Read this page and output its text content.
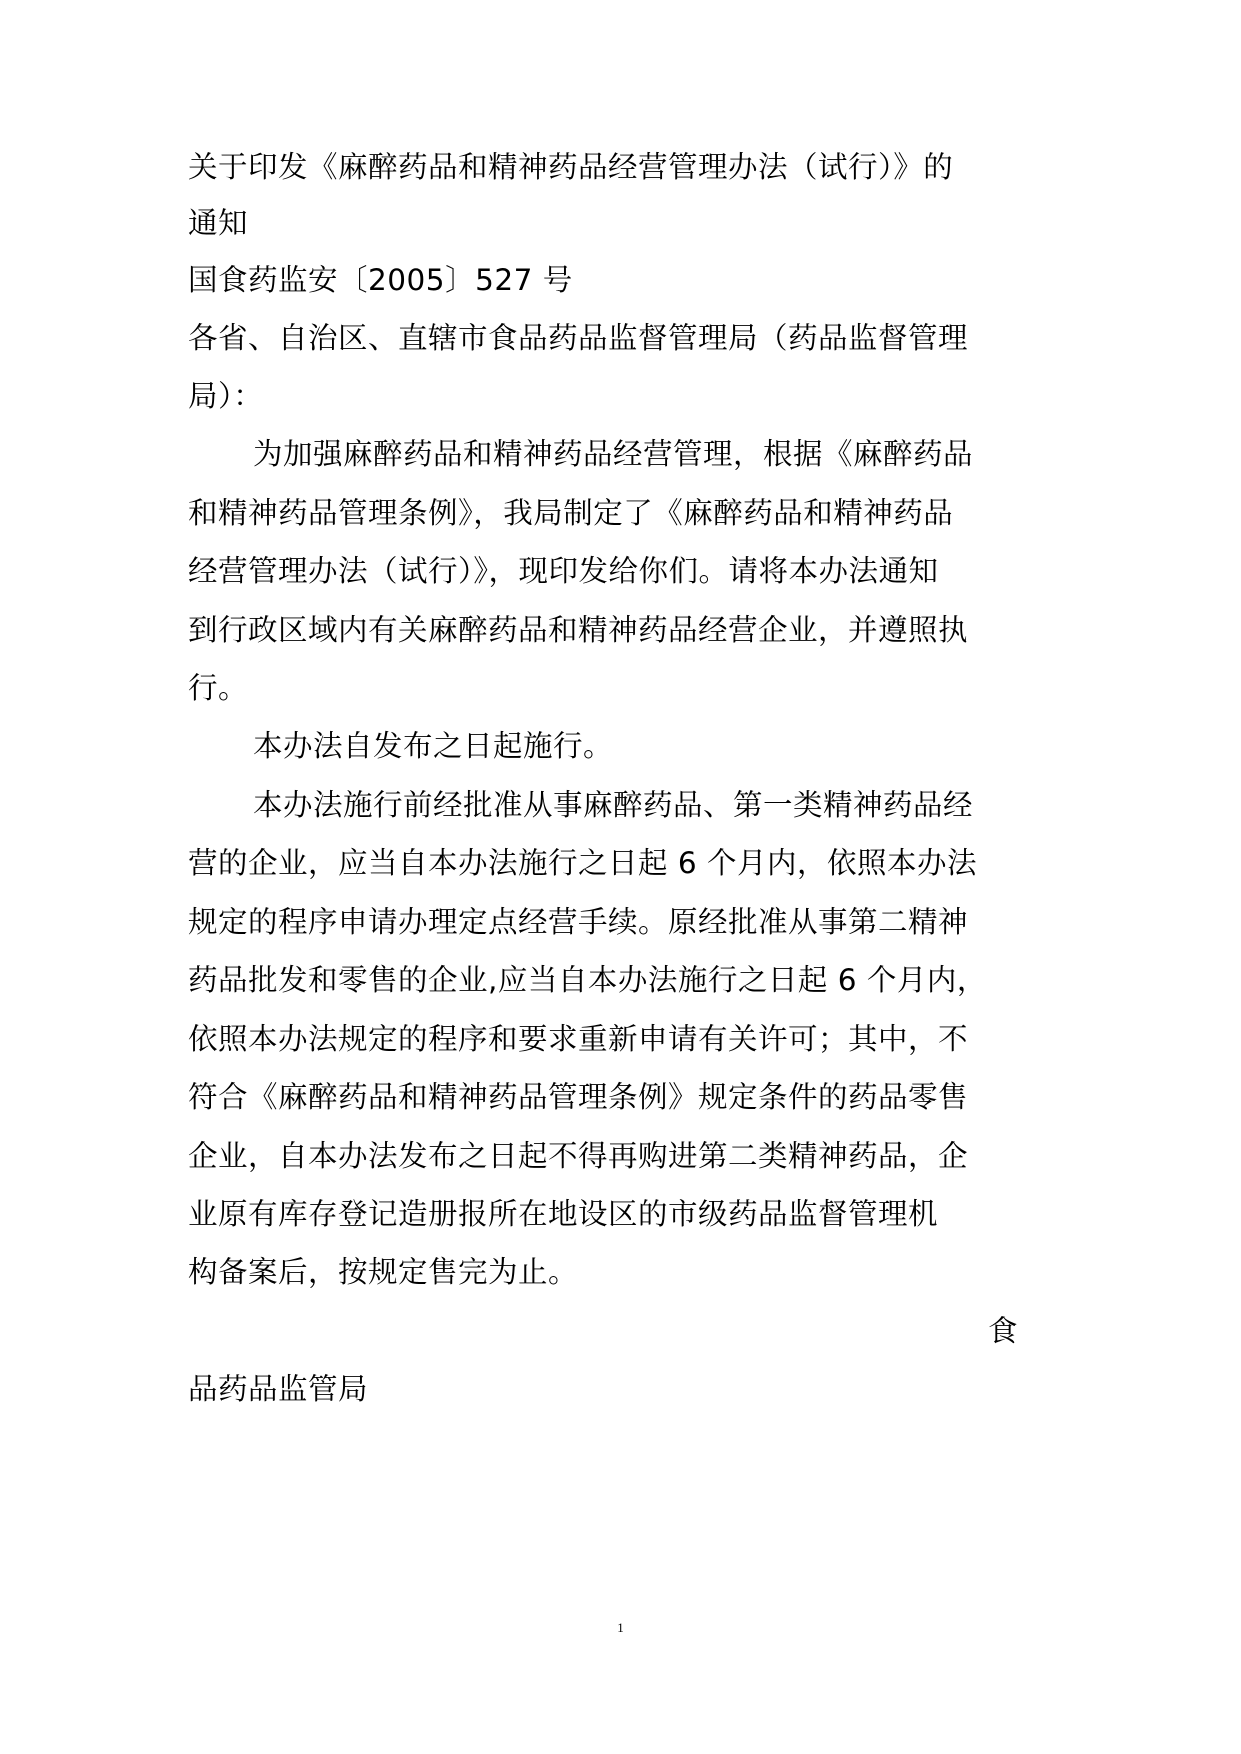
关于印发《麻醉药品和精神药品经营管理办法（试行）》的

通知

国食药监安〔2005〕527 号

各省、自治区、直辖市食品药品监督管理局（药品监督管理

局）：

为加强麻醉药品和精神药品经营管理，根据《麻醉药品

和精神药品管理条例》，我局制定了《麻醉药品和精神药品

经营管理办法（试行）》，现印发给你们。请将本办法通知

到行政区域内有关麻醉药品和精神药品经营企业，并遵照执

行。

本办法自发布之日起施行。

本办法施行前经批准从事麻醉药品、第一类精神药品经

营的企业，应当自本办法施行之日起 6 个月内，依照本办法

规定的程序申请办理定点经营手续。原经批准从事第二精神

药品批发和零售的企业,应当自本办法施行之日起 6 个月内，

依照本办法规定的程序和要求重新申请有关许可；其中，不

符合《麻醉药品和精神药品管理条例》规定条件的药品零售

企业，自本办法发布之日起不得再购进第二类精神药品，企

业原有库存登记造册报所在地设区的市级药品监督管理机

构备案后，按规定售完为止。

食

品药品监管局

1
